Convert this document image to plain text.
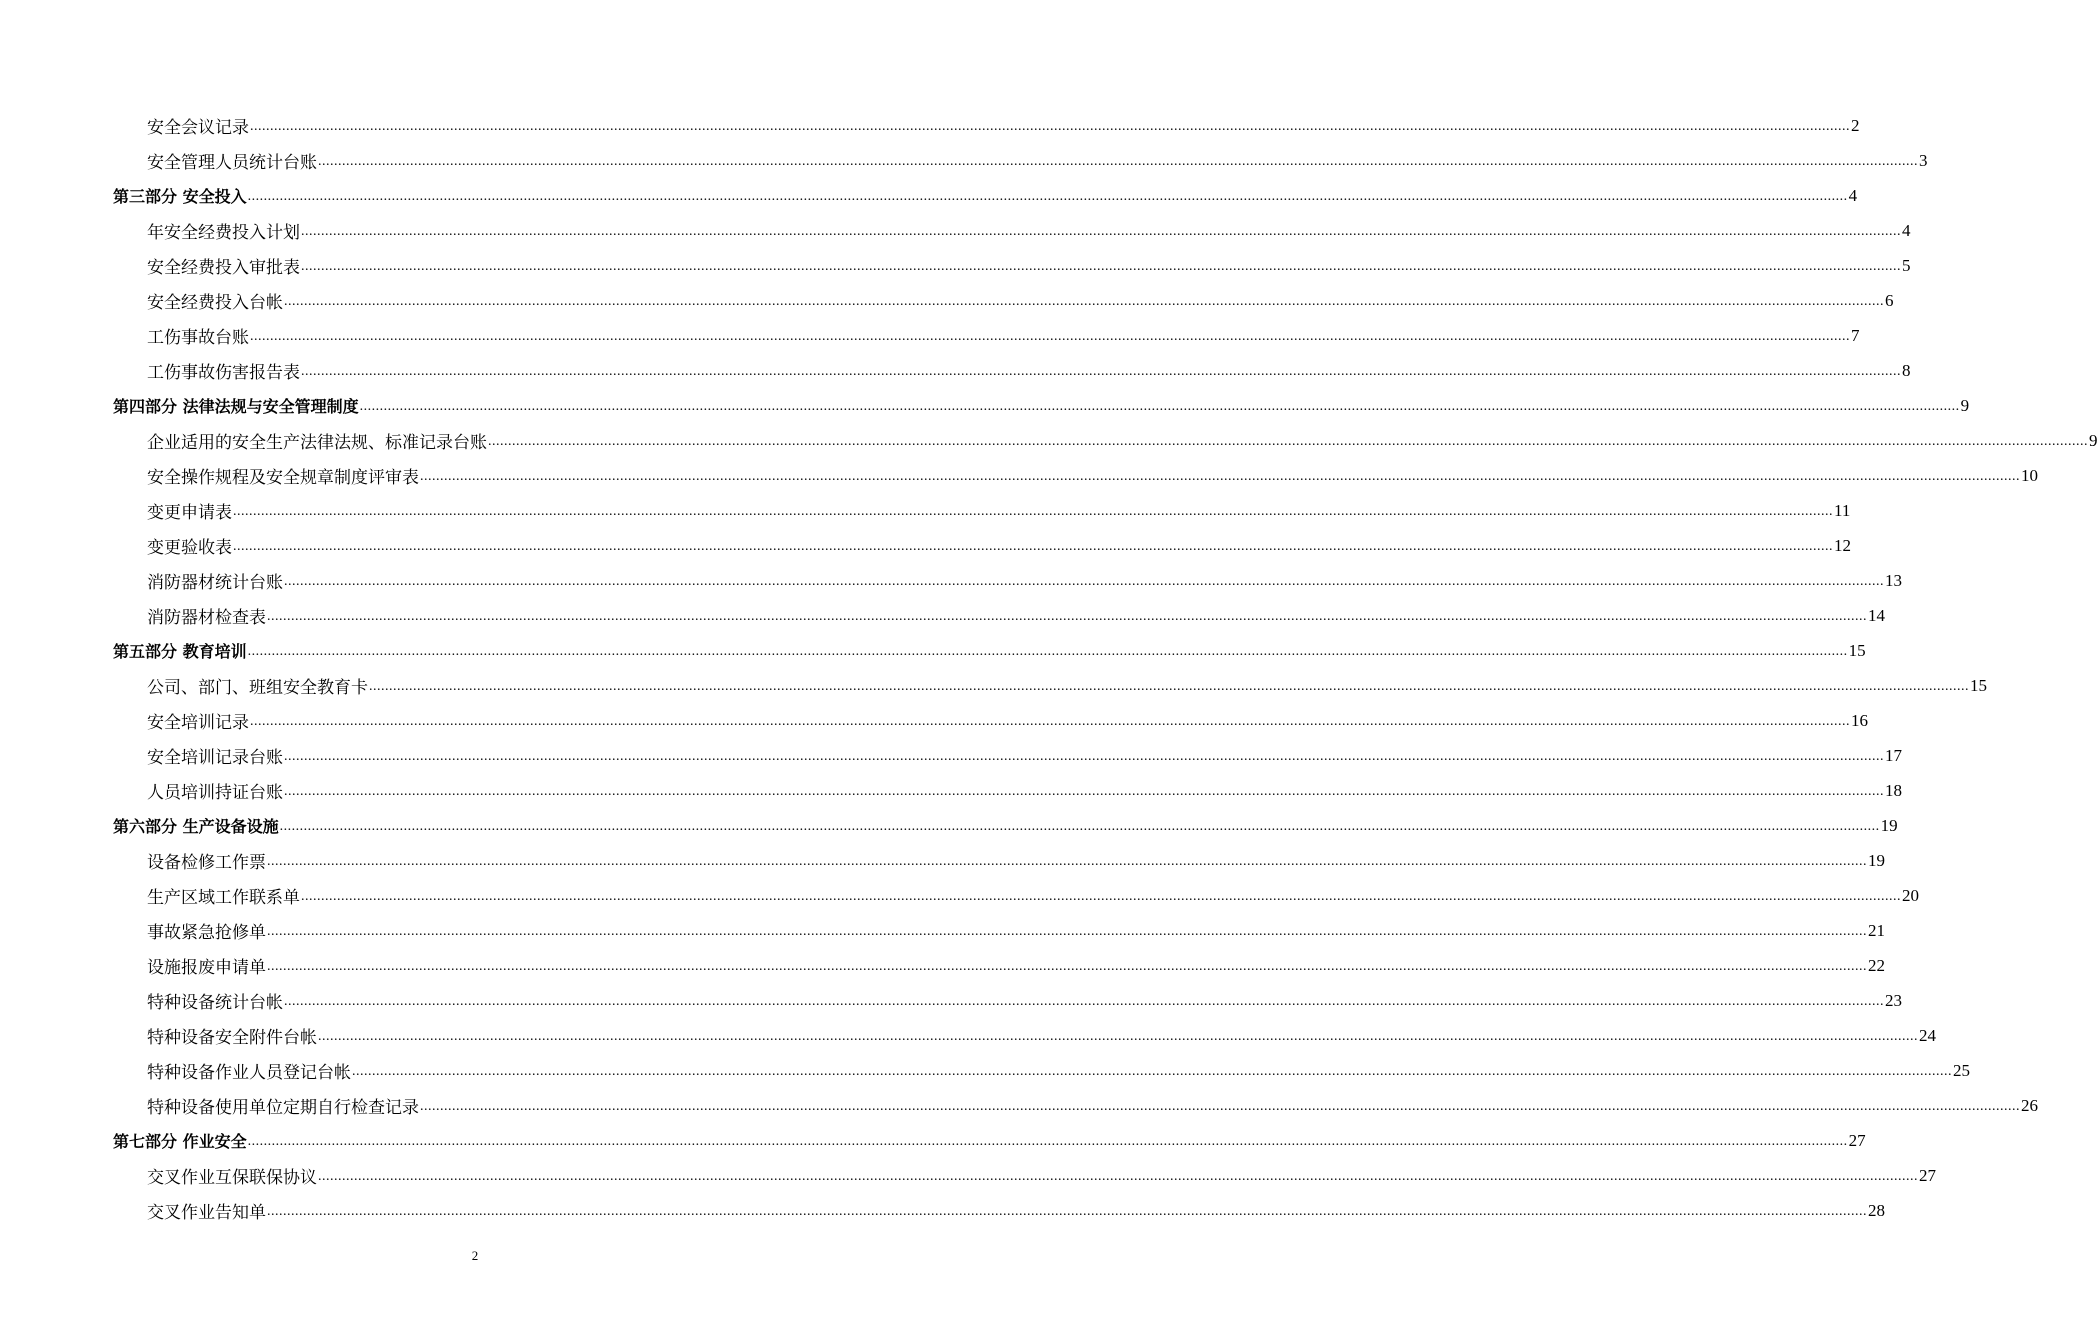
安全会议记录 ................................................................................................................................................................................................................................................................................................................................................................................................................ 2
安全管理人员统计台账 ................................................................................................................................................................................................................................................................................................................................................................................................................ 3
第三部分 安全投入 ................................................................................................................................................................................................................................................................................................................................................................................................................ 4
年安全经费投入计划 ................................................................................................................................................................................................................................................................................................................................................................................................................ 4
安全经费投入审批表 ................................................................................................................................................................................................................................................................................................................................................................................................................ 5
安全经费投入台帐 ................................................................................................................................................................................................................................................................................................................................................................................................................ 6
工伤事故台账 ................................................................................................................................................................................................................................................................................................................................................................................................................ 7
工伤事故伤害报告表 ................................................................................................................................................................................................................................................................................................................................................................................................................ 8
第四部分 法律法规与安全管理制度 ................................................................................................................................................................................................................................................................................................................................................................................................................ 9
企业适用的安全生产法律法规、标准记录台账 ................................................................................................................................................................................................................................................................................................................................................................................................................ 9
安全操作规程及安全规章制度评审表 ................................................................................................................................................................................................................................................................................................................................................................................................................ 10
变更申请表 ................................................................................................................................................................................................................................................................................................................................................................................................................ 11
变更验收表 ................................................................................................................................................................................................................................................................................................................................................................................................................ 12
消防器材统计台账 ................................................................................................................................................................................................................................................................................................................................................................................................................ 13
消防器材检查表 ................................................................................................................................................................................................................................................................................................................................................................................................................ 14
第五部分 教育培训 ................................................................................................................................................................................................................................................................................................................................................................................................................ 15
公司、部门、班组安全教育卡 ................................................................................................................................................................................................................................................................................................................................................................................................................ 15
安全培训记录 ................................................................................................................................................................................................................................................................................................................................................................................................................ 16
安全培训记录台账 ................................................................................................................................................................................................................................................................................................................................................................................................................ 17
人员培训持证台账 ................................................................................................................................................................................................................................................................................................................................................................................................................ 18
第六部分 生产设备设施 ................................................................................................................................................................................................................................................................................................................................................................................................................ 19
设备检修工作票 ................................................................................................................................................................................................................................................................................................................................................................................................................ 19
生产区域工作联系单 ................................................................................................................................................................................................................................................................................................................................................................................................................ 20
事故紧急抢修单 ................................................................................................................................................................................................................................................................................................................................................................................................................ 21
设施报废申请单 ................................................................................................................................................................................................................................................................................................................................................................................................................ 22
特种设备统计台帐 ................................................................................................................................................................................................................................................................................................................................................................................................................ 23
特种设备安全附件台帐 ................................................................................................................................................................................................................................................................................................................................................................................................................ 24
特种设备作业人员登记台帐 ................................................................................................................................................................................................................................................................................................................................................................................................................ 25
特种设备使用单位定期自行检查记录 ................................................................................................................................................................................................................................................................................................................................................................................................................ 26
第七部分 作业安全 ................................................................................................................................................................................................................................................................................................................................................................................................................ 27
交叉作业互保联保协议 ................................................................................................................................................................................................................................................................................................................................................................................................................ 27
交叉作业告知单 ................................................................................................................................................................................................................................................................................................................................................................................................................ 28
2
